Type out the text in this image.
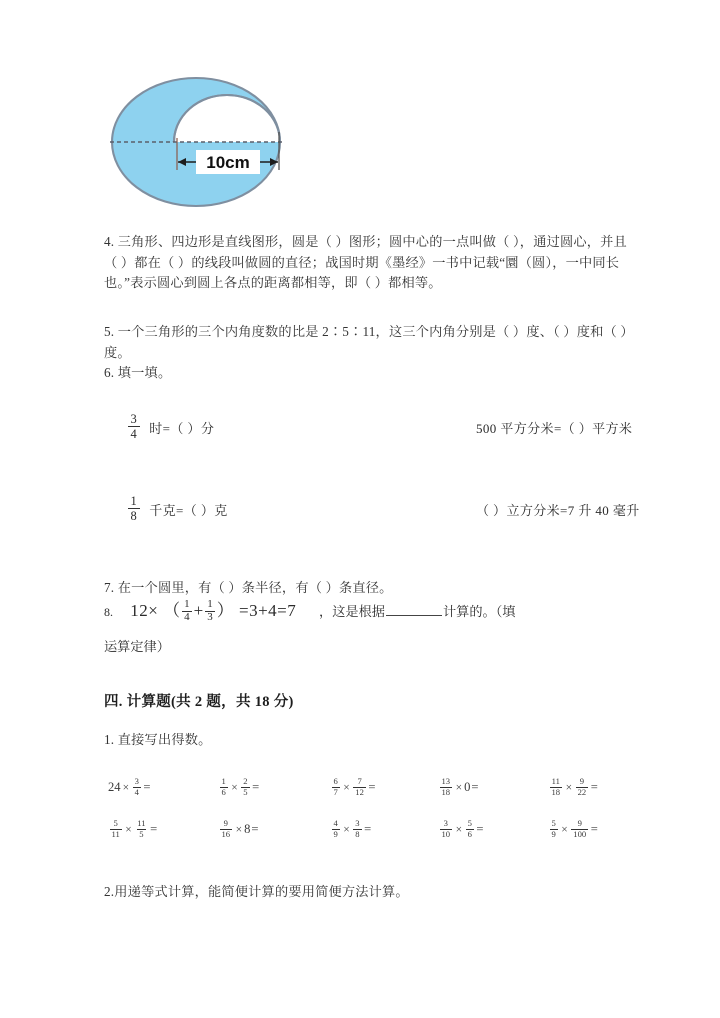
10cm
4. 三角形、四边形是直线图形，圆是（ ）图形；圆中心的一点叫做（ ），通过圆心，并且（ ）都在（ ）的线段叫做圆的直径；战国时期《墨经》一书中记载“圜（圆），一中同长也。”表示圆心到圆上各点的距离都相等，即（ ）都相等。
5. 一个三角形的三个内角度数的比是 2∶5∶11，这三个内角分别是（ ）度、（ ）度和（ ）度。
6. 填一填。
$\frac{3}{4}$ 时=（ ）分	500 平方分米=（ ）平方米
$\frac{1}{8}$ 千克=（ ）克	（ ）立方分米=7 升 40 毫升
7. 在一个圆里，有（ ）条半径，有（ ）条直径。
8. 12× （ $\frac{1}{4} + \frac{1}{3}$ ） =3+4=7 ，这是根据	计算的。（填
运算定律）
四. 计算题(共 2 题，共 18 分)
1. 直接写出得数。
$24 \times \frac{3}{4}$ =	$\frac{1}{6} \times \frac{2}{5}$ =	$\frac{6}{7} \times \frac{7}{12}$ =	$\frac{13}{18} \times 0$ =	$\frac{11}{18} \times \frac{9}{22}$ =
$\frac{5}{11} \times \frac{11}{5}$ =	$\frac{9}{16} \times 8$ =	$\frac{4}{9} \times \frac{3}{8}$ =	$\frac{3}{10} \times \frac{5}{6}$ =	$\frac{5}{9} \times \frac{9}{100}$ =
2.用递等式计算，能简便计算的要用简便方法计算。
